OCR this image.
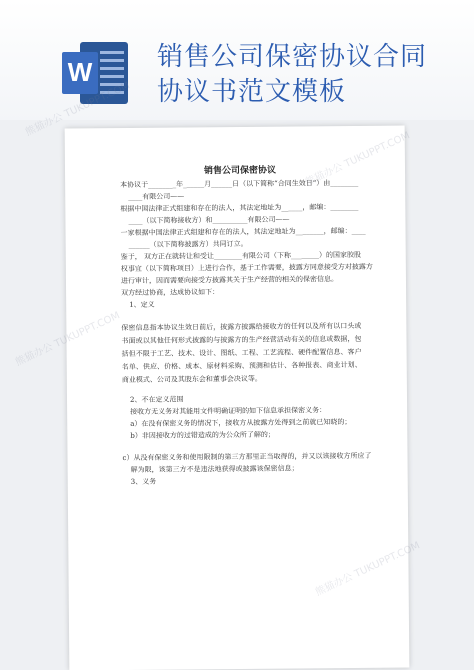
W 销售公司保密协议合同
协议书范文模板
销售公司保密协议

本协议于________年______月______日（以下简称“合同生效日”）由________

____有限公司——

根据中国法律正式组建和存在的法人，其法定地址为______，邮编：________

____（以下简称接收方）和__________有限公司——

一家根据中国法律正式组建和存在的法人，其法定地址为________，邮编：____

______（以下简称披露方）共同订立。

鉴于， 双方正在就转让和受让________有限公司（下称________）的国家胶股

权事宜（以下简称项目）上进行合作，基于工作需要，披露方同意接受方对披露方

进行审计，因而需要向接受方披露其关于生产经营的相关的保密信息。

双方经过协商，达成协议如下：

1、定义

保密信息指本协议生效日前后，披露方披露给接收方的任何以及所有以口头或书面或以其他任何形式披露的与披露方的生产经营活动有关的信息或数据，包括但不限于工艺、技术、设计、图纸、工程、工艺流程、硬件配置信息、客户名单、供应、价格、成本、原材料采购、预测和估计、各种报表、商业计划、商业模式、公司及其股东会和董事会决议等。

2、不在定义范围

接收方无义务对其能用文件明确证明的如下信息承担保密义务：

a）在没有保密义务的情况下，接收方从披露方处得到之前就已知晓的；

b）非因接收方的过错造成的为公众所了解的；

c）从没有保密义务和使用限制的第三方那里正当取得的，并又以该接收方所应了

解为限，该第三方不是违法地获得或披露该保密信息；

3、义务

熊猫办公
